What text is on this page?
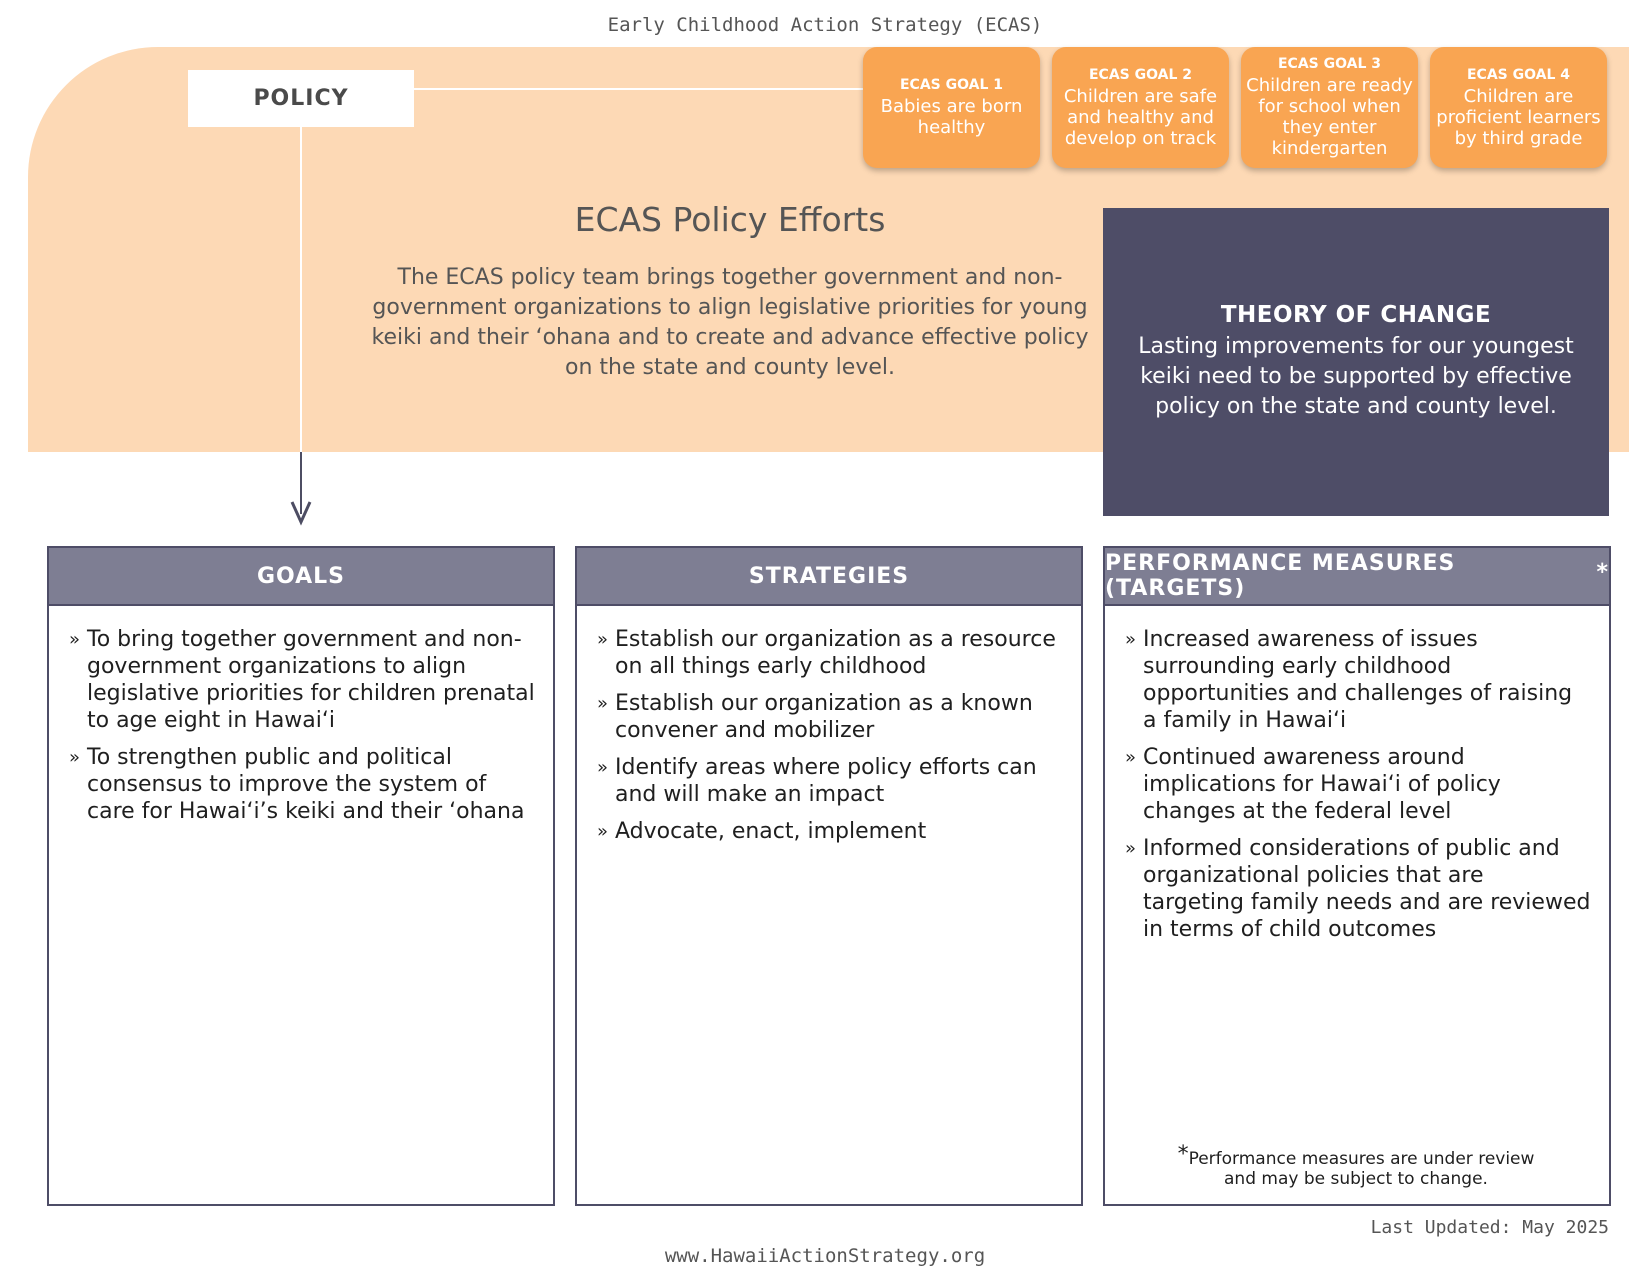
Early Childhood Action Strategy (ECAS)
POLICY
ECAS GOAL 1
Babies are born healthy
ECAS GOAL 2
Children are safe and healthy and develop on track
ECAS GOAL 3
Children are ready for school when they enter kindergarten
ECAS GOAL 4
Children are proficient learners by third grade
ECAS Policy Efforts
The ECAS policy team brings together government and non-government organizations to align legislative priorities for young keiki and their ‘ohana and to create and advance effective policy on the state and county level.
THEORY OF CHANGE
Lasting improvements for our youngest keiki need to be supported by effective policy on the state and county level.
GOALS
» To bring together government and non-government organizations to align legislative priorities for children prenatal to age eight in Hawai‘i
» To strengthen public and political consensus to improve the system of care for Hawai‘i’s keiki and their ‘ohana
STRATEGIES
» Establish our organization as a resource on all things early childhood
» Establish our organization as a known convener and mobilizer
» Identify areas where policy efforts can and will make an impact
» Advocate, enact, implement
PERFORMANCE MEASURES (TARGETS)
*
» Increased awareness of issues surrounding early childhood opportunities and challenges of raising a family in Hawai‘i
» Continued awareness around implications for Hawai‘i of policy changes at the federal level
» Informed considerations of public and organizational policies that are targeting family needs and are reviewed in terms of child outcomes
*Performance measures are under review
and may be subject to change.
Last Updated: May 2025
www.HawaiiActionStrategy.org
